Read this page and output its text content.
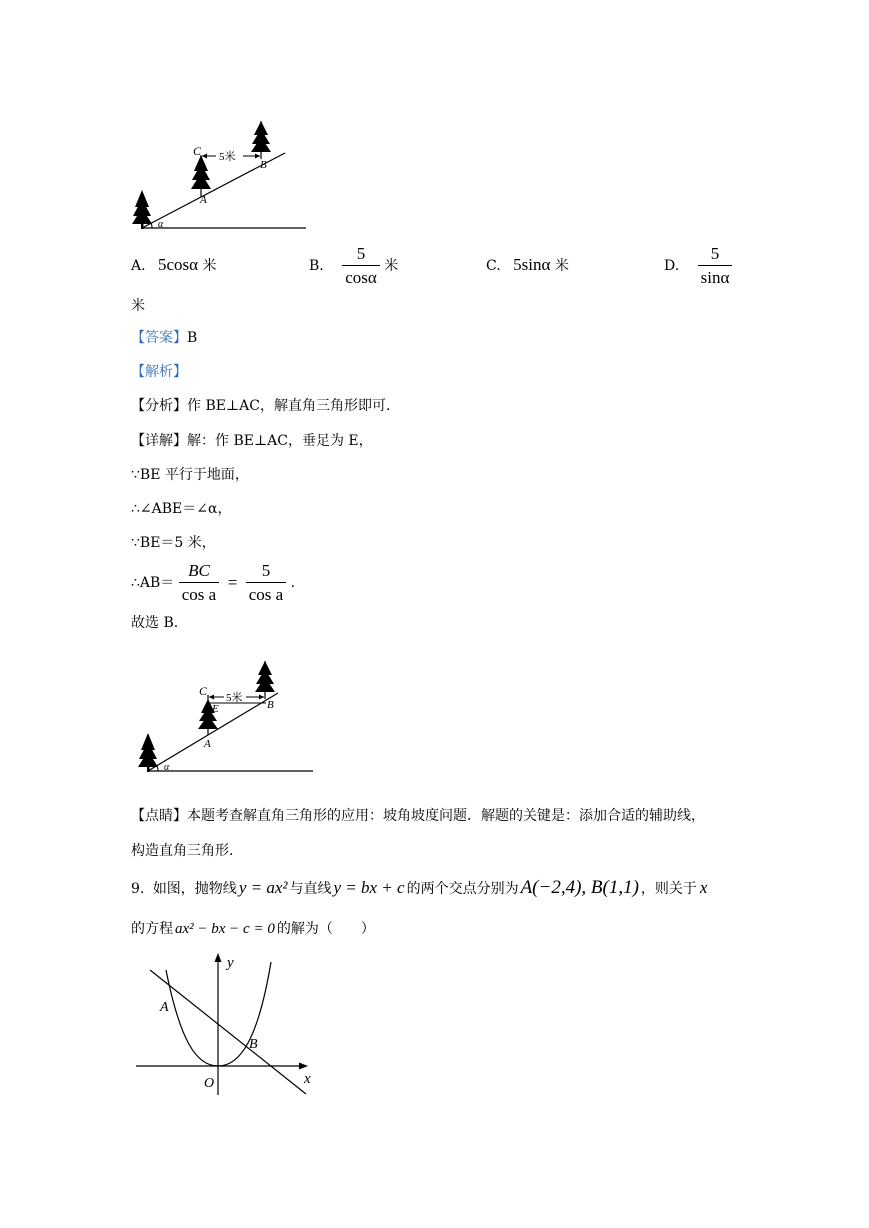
5米
C
B
A
α
A. 5cosα 米	B. $\frac{5}{\cos\alpha}$ 米	C. 5sinα 米	D. $\frac{5}{\sin\alpha}$
米
【答案】B
【解析】
【分析】作 BE⊥AC，解直角三角形即可.
【详解】解：作 BE⊥AC，垂足为 E，
∵BE 平行于地面，
∴∠ABE＝∠α，
∵BE＝5 米，
∴AB＝ $\frac{BC}{\text{cos a}} = \frac{5}{\text{cos a}}$ .
故选 B.
5米
C
E	B
A
α
【点睛】本题考查解直角三角形的应用：坡角坡度问题．解题的关键是：添加合适的辅助线，
构造直角三角形.
9. 如图，抛物线 y = ax² 与直线 y = bx + c 的两个交点分别为 A(−2,4), B(1,1) ，则关于 x
的方程 ax² − bx − c = 0 的解为（　　）
y
x
A
B
O
